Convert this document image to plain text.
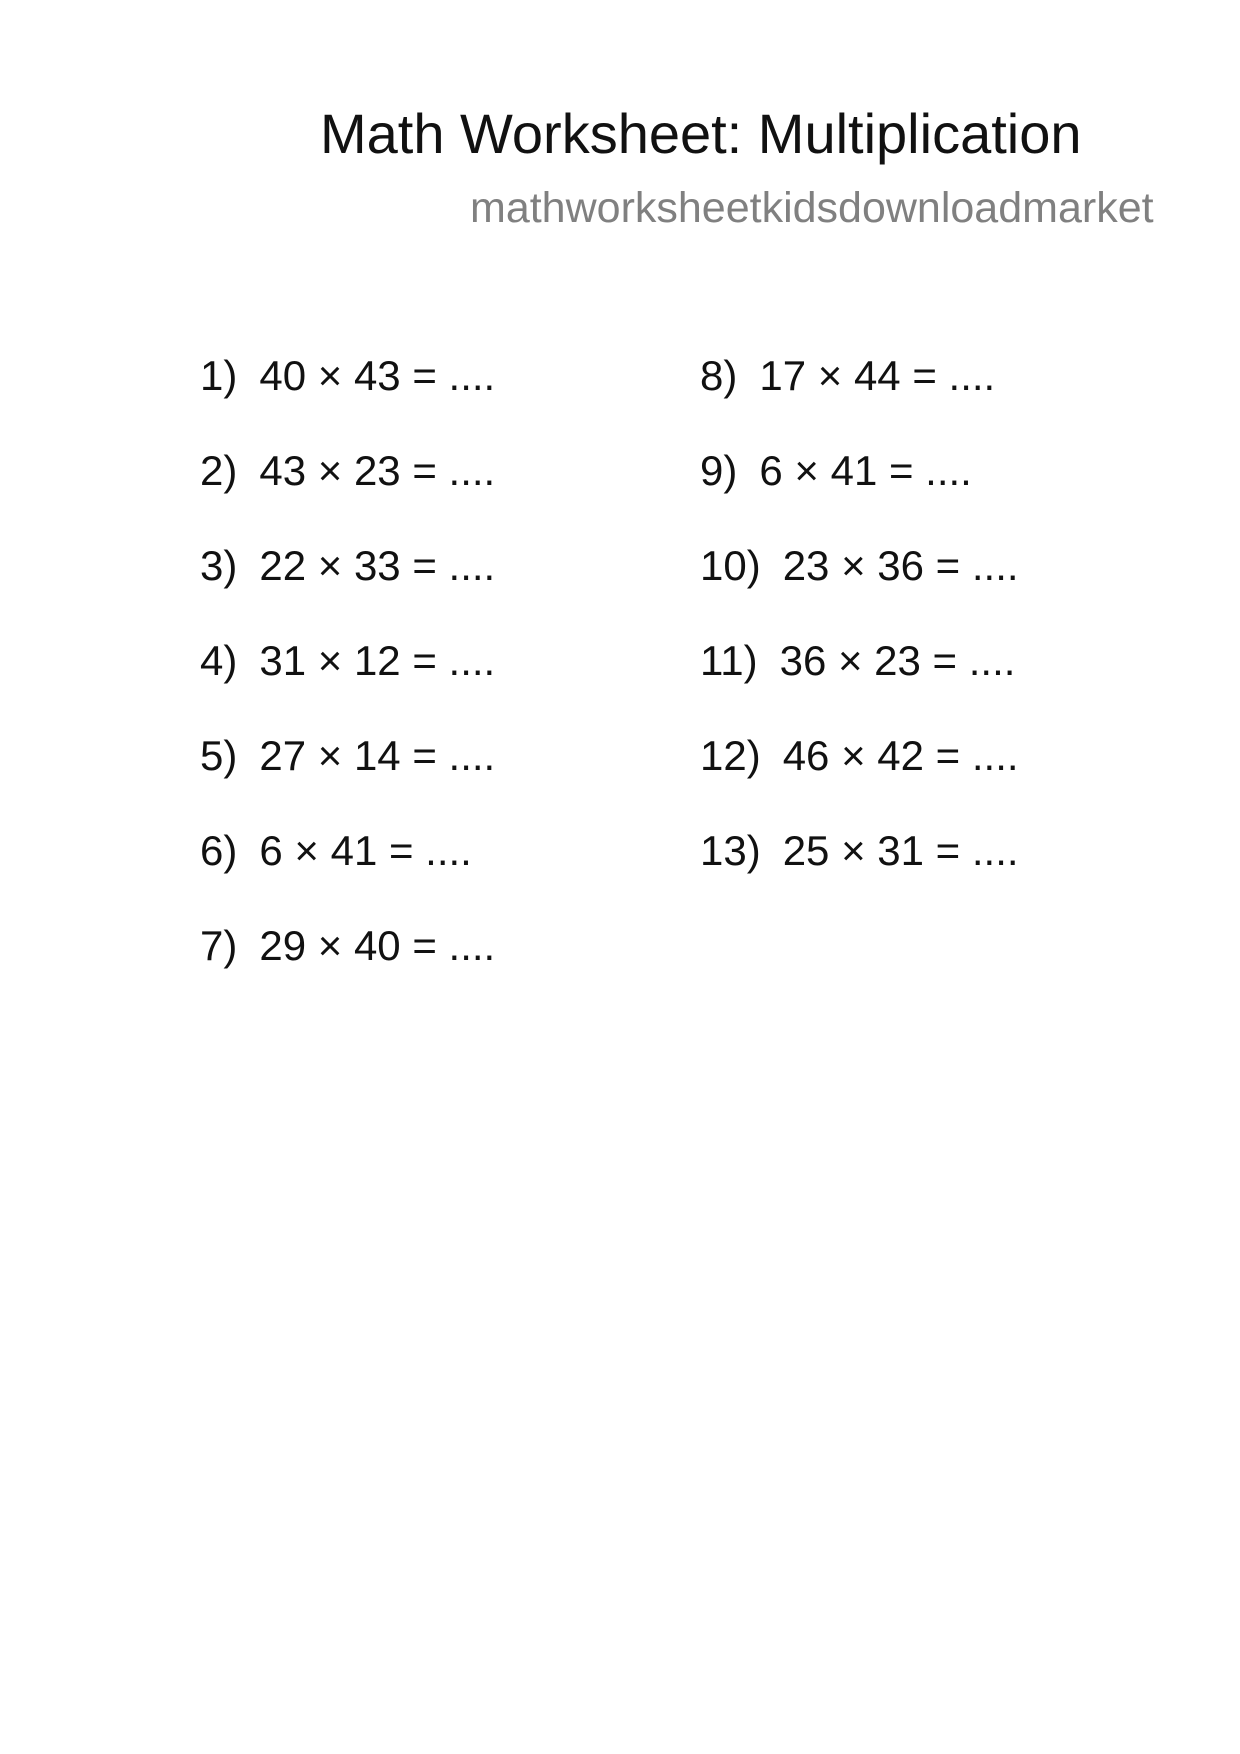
Math Worksheet: Multiplication
mathworksheetkidsdownloadmarket
1) 40 × 43 = ....
2) 43 × 23 = ....
3) 22 × 33 = ....
4) 31 × 12 = ....
5) 27 × 14 = ....
6) 6 × 41 = ....
7) 29 × 40 = ....
8) 17 × 44 = ....
9) 6 × 41 = ....
10) 23 × 36 = ....
11) 36 × 23 = ....
12) 46 × 42 = ....
13) 25 × 31 = ....
